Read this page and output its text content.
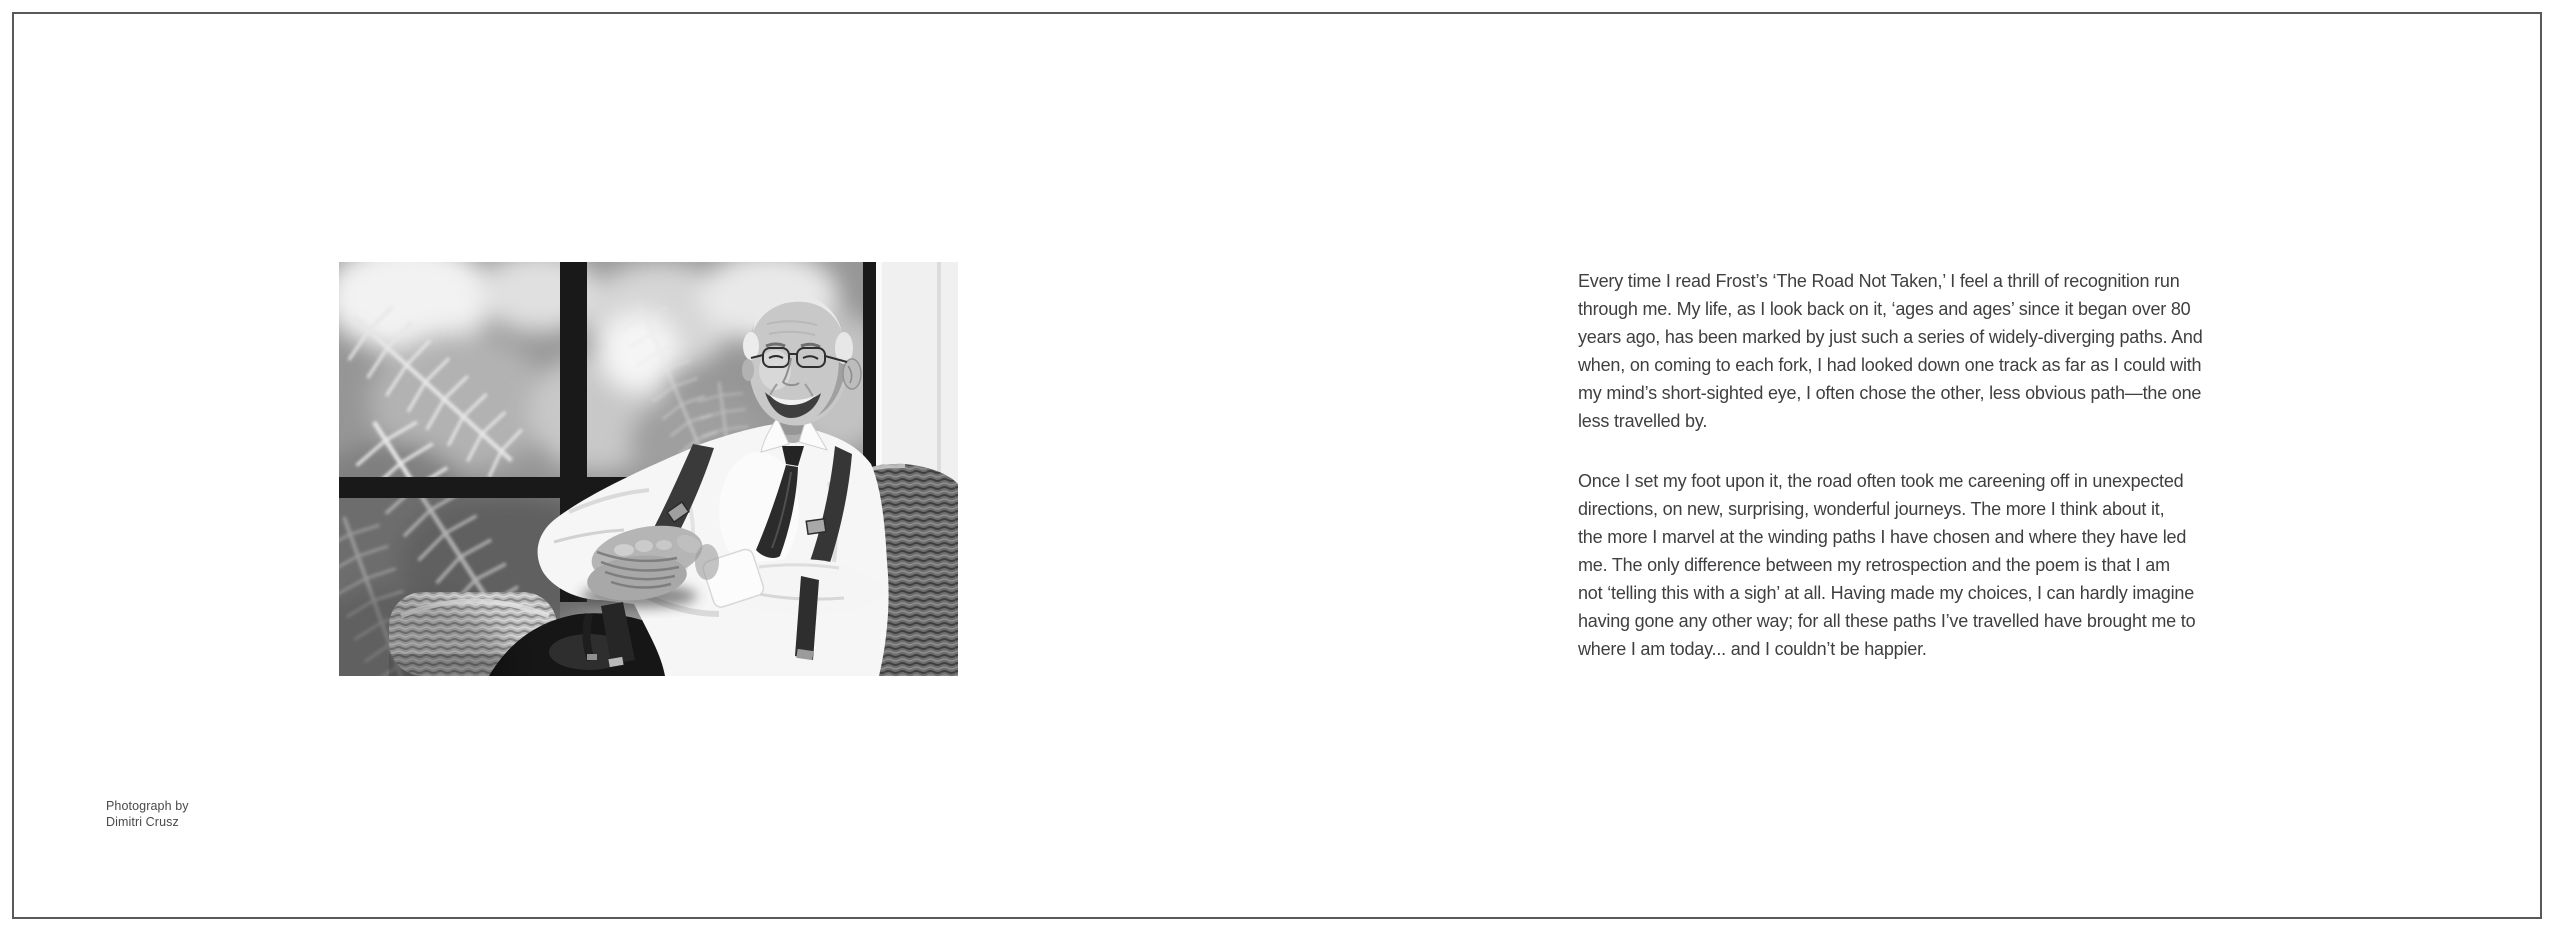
Every time I read Frost’s ‘The Road Not Taken,’ I feel a thrill of recognition run
through me. My life, as I look back on it, ‘ages and ages’ since it began over 80
years ago, has been marked by just such a series of widely-diverging paths. And
when, on coming to each fork, I had looked down one track as far as I could with
my mind’s short-sighted eye, I often chose the other, less obvious path—the one
less travelled by.
Once I set my foot upon it, the road often took me careening off in unexpected
directions, on new, surprising, wonderful journeys. The more I think about it,
the more I marvel at the winding paths I have chosen and where they have led
me. The only difference between my retrospection and the poem is that I am
not ‘telling this with a sigh’ at all. Having made my choices, I can hardly imagine
having gone any other way; for all these paths I’ve travelled have brought me to
where I am today... and I couldn’t be happier.
Photograph by
Dimitri Crusz
